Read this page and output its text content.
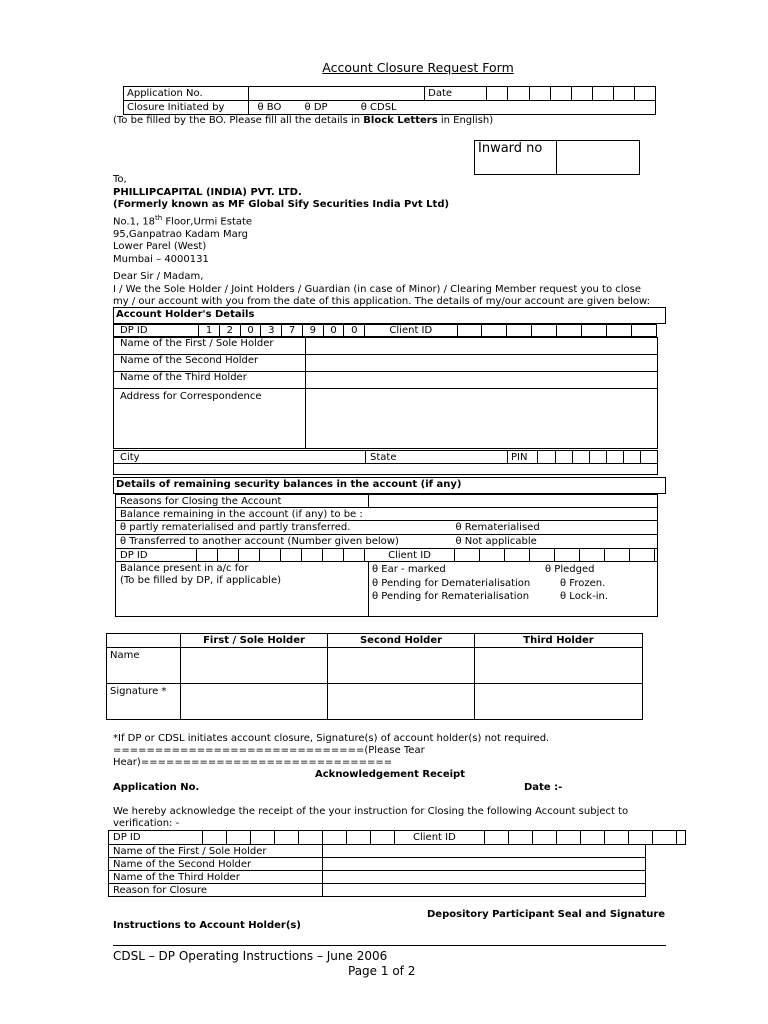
Account Closure Request Form
Application No.		Date								
Closure Initiated by	θ BO θ DP θ CDSL									
(To be filled by the BO. Please fill all the details in Block Letters in English)
Inward no	
To,
PHILLIPCAPITAL (INDIA) PVT. LTD.
(Formerly known as MF Global Sify Securities India Pvt Ltd)
No.1, 18th Floor,Urmi Estate
95,Ganpatrao Kadam Marg
Lower Parel (West)
Mumbai – 4000131
Dear Sir / Madam,
I / We the Sole Holder / Joint Holders / Guardian (in case of Minor) / Clearing Member request you to close
my / our account with you from the date of this application. The details of my/our account are given below:
Account Holder's Details
DP ID	1	2	0	3	7	9	0	0	Client ID								
Name of the First / Sole Holder	
Name of the Second Holder	
Name of the Third Holder	
Address for Correspondence	
City	State	PIN							

Details of remaining security balances in the account (if any)
Reasons for Closing the Account	
Balance remaining in the account (if any) to be :
θ partly rematerialised and partly transferred.	θ Rematerialised

θ Transferred to another account (Number given below)	θ Not applicable
DP ID									Client ID									
Balance present in a/c for
(To be filled by DP, if applicable)

θ Ear - marked	θ Pledged
θ Pending for Dematerialisation	θ Frozen.
θ Pending for Rematerialisation	θ Lock-in.
	First / Sole Holder	Second Holder	Third Holder
Name			
Signature *			
*If DP or CDSL initiates account closure, Signature(s) of account holder(s) not required.
==============================(Please Tear
Hear)==============================
Acknowledgement Receipt
Application No.	Date :-
We hereby acknowledge the receipt of the your instruction for Closing the following Account subject to
verification: -
DP ID									Client ID									
Name of the First / Sole Holder	
Name of the Second Holder	
Name of the Third Holder	
Reason for Closure	
Depository Participant Seal and Signature
Instructions to Account Holder(s)
CDSL – DP Operating Instructions – June 2006
Page 1 of 2
